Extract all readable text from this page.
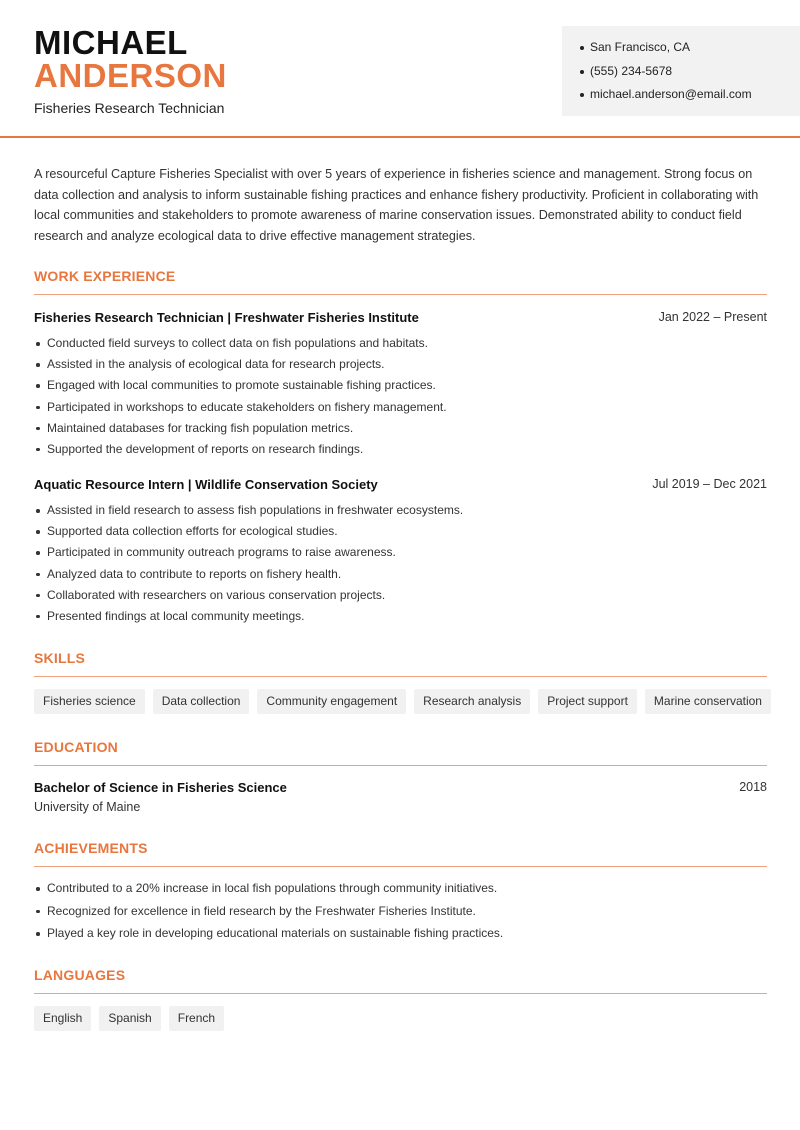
MICHAEL
ANDERSON
Fisheries Research Technician
San Francisco, CA
(555) 234-5678
michael.anderson@email.com
A resourceful Capture Fisheries Specialist with over 5 years of experience in fisheries science and management. Strong focus on data collection and analysis to inform sustainable fishing practices and enhance fishery productivity. Proficient in collaborating with local communities and stakeholders to promote awareness of marine conservation issues. Demonstrated ability to conduct field research and analyze ecological data to drive effective management strategies.
WORK EXPERIENCE
Fisheries Research Technician | Freshwater Fisheries Institute	Jan 2022 – Present
Conducted field surveys to collect data on fish populations and habitats.
Assisted in the analysis of ecological data for research projects.
Engaged with local communities to promote sustainable fishing practices.
Participated in workshops to educate stakeholders on fishery management.
Maintained databases for tracking fish population metrics.
Supported the development of reports on research findings.
Aquatic Resource Intern | Wildlife Conservation Society	Jul 2019 – Dec 2021
Assisted in field research to assess fish populations in freshwater ecosystems.
Supported data collection efforts for ecological studies.
Participated in community outreach programs to raise awareness.
Analyzed data to contribute to reports on fishery health.
Collaborated with researchers on various conservation projects.
Presented findings at local community meetings.
SKILLS
Fisheries science	Data collection	Community engagement	Research analysis	Project support	Marine conservation
EDUCATION
Bachelor of Science in Fisheries Science	2018
University of Maine
ACHIEVEMENTS
Contributed to a 20% increase in local fish populations through community initiatives.
Recognized for excellence in field research by the Freshwater Fisheries Institute.
Played a key role in developing educational materials on sustainable fishing practices.
LANGUAGES
English	Spanish	French
